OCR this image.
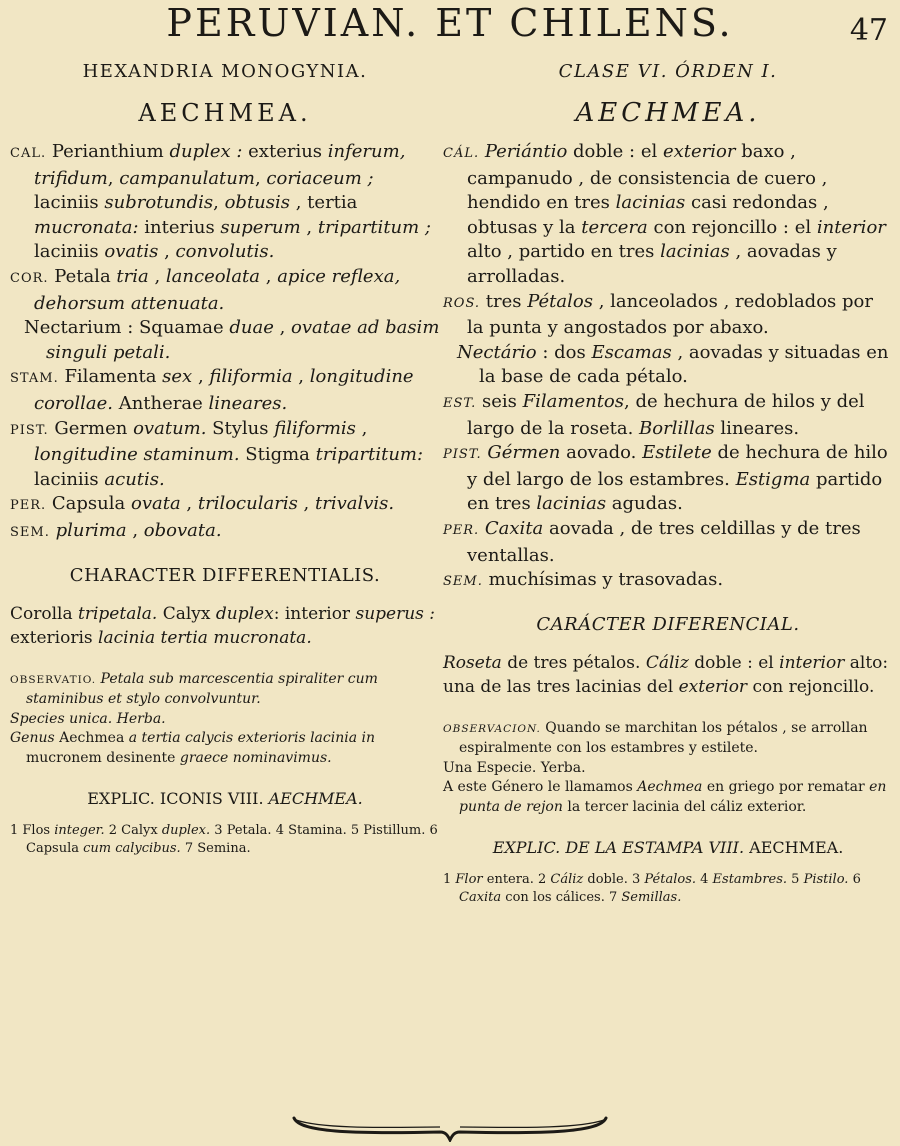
PERUVIAN. ET CHILENS.	47
HEXANDRIA MONOGYNIA.
AECHMEA.

CAL. Perianthium duplex : exterius inferum, trifidum, campanulatum, coriaceum ; laciniis subrotundis, obtusis , tertia mucronata: interius superum , tripartitum ; laciniis ovatis , convolutis.

COR. Petala tria , lanceolata , apice reflexa, dehorsum attenuata.

Nectarium : Squamae duae , ovatae ad basim singuli petali.

STAM. Filamenta sex , filiformia , longitudine corollae. Antherae lineares.

PIST. Germen ovatum. Stylus filiformis , longitudine staminum. Stigma tripartitum: laciniis acutis.

PER. Capsula ovata , trilocularis , trivalvis.

SEM. plurima , obovata.

CHARACTER DIFFERENTIALIS.

Corolla tripetala. Calyx duplex: interior superus : exterioris lacinia tertia mucronata.

OBSERVATIO. Petala sub marcescentia spiraliter cum staminibus et stylo convolvuntur.

Species unica. Herba.

Genus Aechmea a tertia calycis exterioris lacinia in mucronem desinente graece nominavimus.

EXPLIC. ICONIS VIII. AECHMEA.

1 Flos integer. 2 Calyx duplex. 3 Petala. 4 Stamina. 5 Pistillum. 6 Capsula cum calycibus. 7 Semina.

CLASE VI. ÓRDEN I.
AECHMEA.

CÁL. Periántio doble : el exterior baxo , campanudo , de consistencia de cuero , hendido en tres lacinias casi redondas , obtusas y la tercera con rejoncillo : el interior alto , partido en tres lacinias , aovadas y arrolladas.

ROS. tres Pétalos , lanceolados , redoblados por la punta y angostados por abaxo.

Nectário : dos Escamas , aovadas y situadas en la base de cada pétalo.

EST. seis Filamentos, de hechura de hilos y del largo de la roseta. Borlillas lineares.

PIST. Gérmen aovado. Estilete de hechura de hilo y del largo de los estambres. Estigma partido en tres lacinias agudas.

PER. Caxita aovada , de tres celdillas y de tres ventallas.

SEM. muchísimas y trasovadas.

CARÁCTER DIFERENCIAL.

Roseta de tres pétalos. Cáliz doble : el interior alto: una de las tres lacinias del exterior con rejoncillo.

OBSERVACION. Quando se marchitan los pétalos , se arrollan espiralmente con los estambres y estilete.

Una Especie. Yerba.

A este Género le llamamos Aechmea en griego por rematar en punta de rejon la tercer lacinia del cáliz exterior.

EXPLIC. DE LA ESTAMPA VIII. AECHMEA.

1 Flor entera. 2 Cáliz doble. 3 Pétalos. 4 Estambres. 5 Pistilo. 6 Caxita con los cálices. 7 Semillas.
